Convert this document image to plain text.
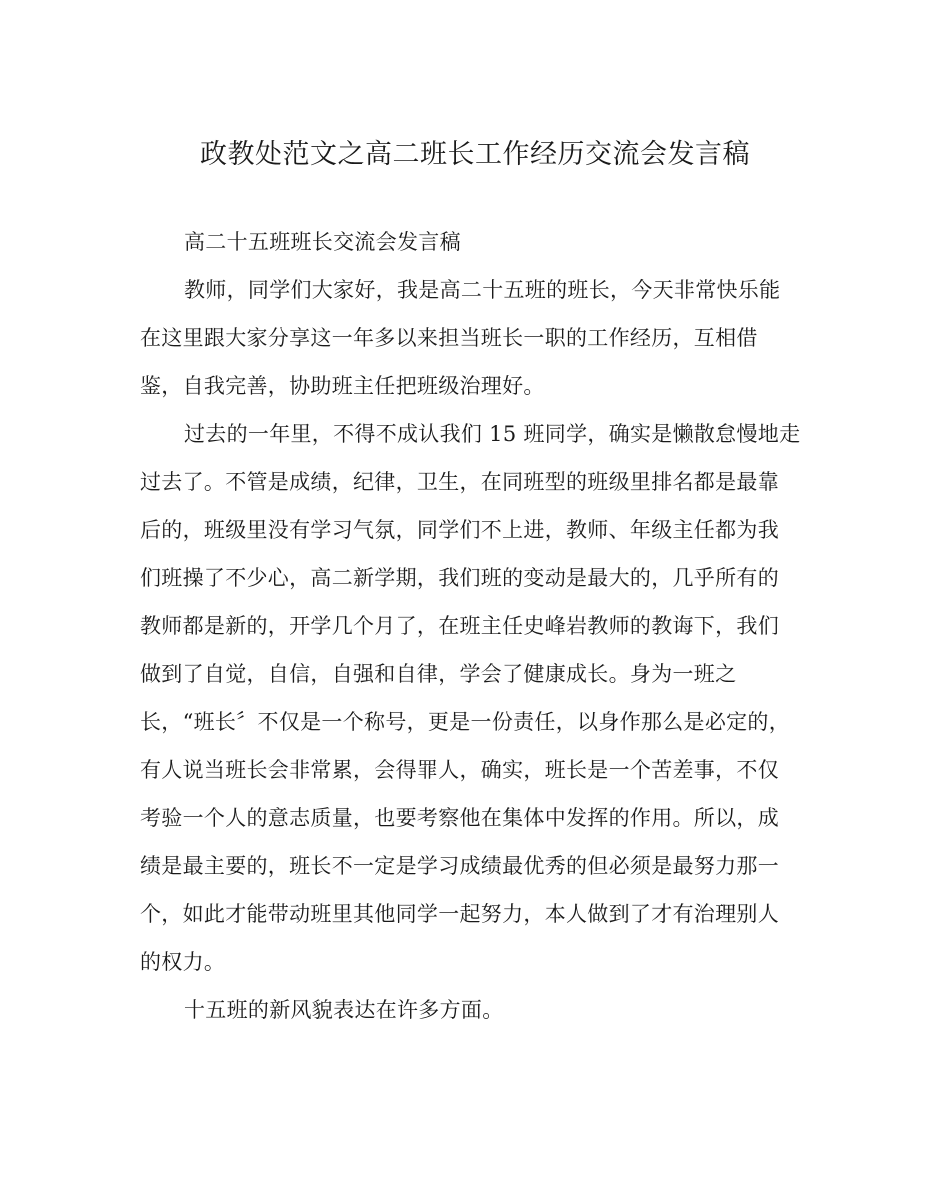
政教处范文之高二班长工作经历交流会发言稿
高二十五班班长交流会发言稿
教师，同学们大家好，我是高二十五班的班长，今天非常快乐能
在这里跟大家分享这一年多以来担当班长一职的工作经历，互相借
鉴，自我完善，协助班主任把班级治理好。
过去的一年里，不得不成认我们 15 班同学，确实是懒散怠慢地走
过去了。不管是成绩，纪律，卫生，在同班型的班级里排名都是最靠
后的，班级里没有学习气氛，同学们不上进，教师、年级主任都为我
们班操了不少心，高二新学期，我们班的变动是最大的，几乎所有的
教师都是新的，开学几个月了，在班主任史峰岩教师的教诲下，我们
做到了自觉，自信，自强和自律，学会了健康成长。身为一班之
长，“班长〞不仅是一个称号，更是一份责任，以身作那么是必定的，
有人说当班长会非常累，会得罪人，确实，班长是一个苦差事，不仅
考验一个人的意志质量，也要考察他在集体中发挥的作用。所以，成
绩是最主要的，班长不一定是学习成绩最优秀的但必须是最努力那一
个，如此才能带动班里其他同学一起努力，本人做到了才有治理别人
的权力。
十五班的新风貌表达在许多方面。
